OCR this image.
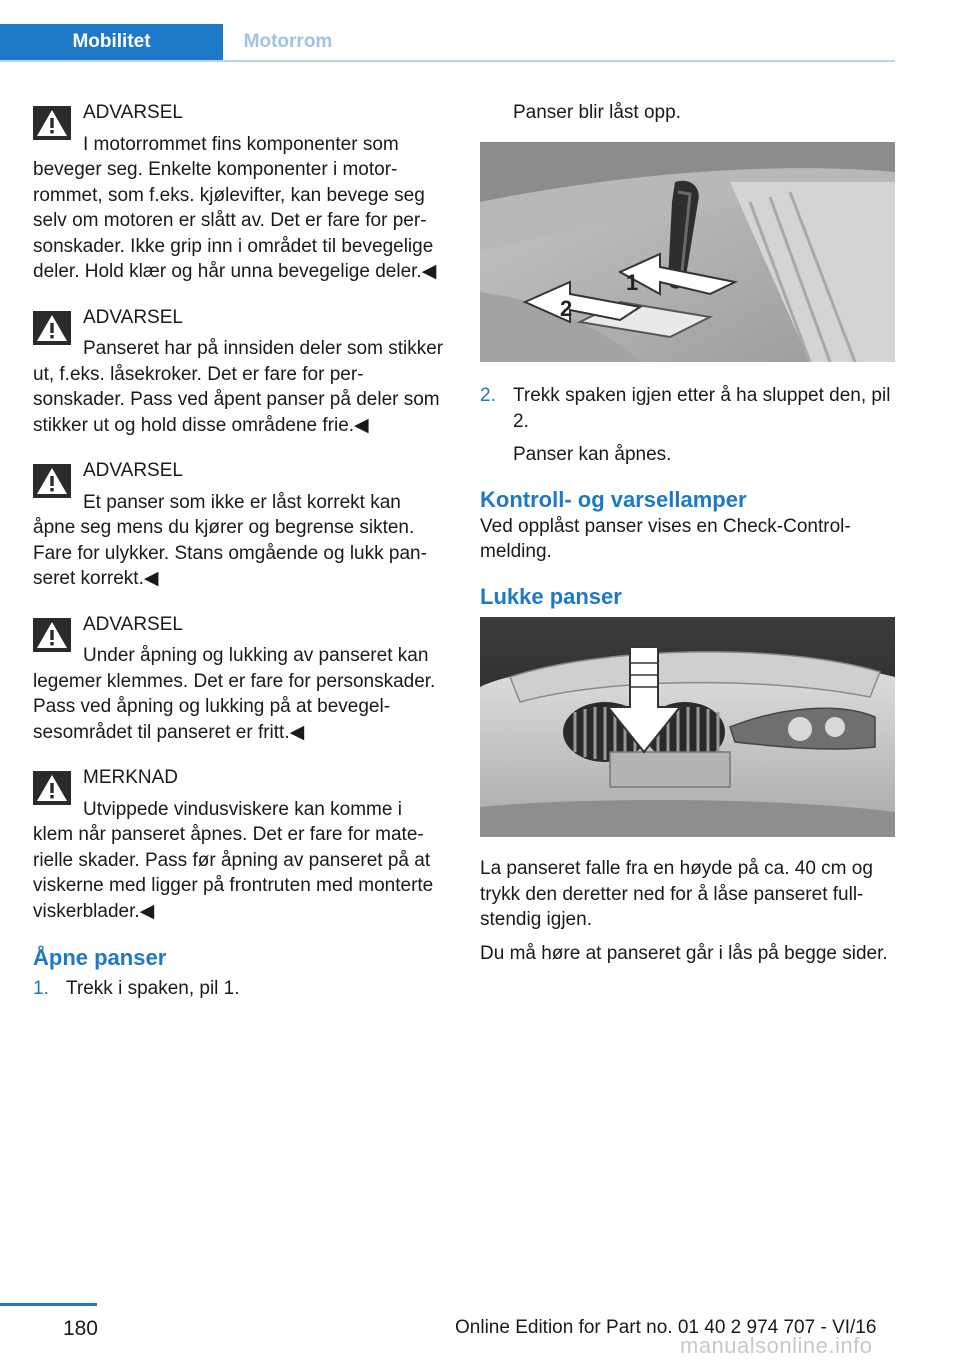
Mobilitet	Motorrom

ADVARSEL

I motorrommet fins komponenter som beveger seg. Enkelte komponenter i motorrommet, som f.eks. kjølevifter, kan bevege seg selv om motoren er slått av. Det er fare for personskader. Ikke grip inn i området til bevegelige deler. Hold klær og hår unna bevegelige deler.◀

ADVARSEL

Panseret har på innsiden deler som stikker ut, f.eks. låsekroker. Det er fare for personskader. Pass ved åpent panser på deler som stikker ut og hold disse områdene frie.◀

ADVARSEL

Et panser som ikke er låst korrekt kan åpne seg mens du kjører og begrense sikten. Fare for ulykker. Stans omgående og lukk panseret korrekt.◀

ADVARSEL

Under åpning og lukking av panseret kan legemer klemmes. Det er fare for personskader. Pass ved åpning og lukking på at bevegelsesområdet til panseret er fritt.◀

MERKNAD

Utvippede vindusviskere kan komme i klem når panseret åpnes. Det er fare for materielle skader. Pass før åpning av panseret på at viskerne med ligger på frontruten med monterte viskerblader.◀

Åpne panser
1. Trekk i spaken, pil 1.

Panser blir låst opp.

1
2
2. Trekk spaken igjen etter å ha sluppet den, pil 2.

Panser kan åpnes.

Kontroll- og varsellamper

Ved opplåst panser vises en Check-Control-melding.

Lukke panser

La panseret falle fra en høyde på ca. 40 cm og trykk den deretter ned for å låse panseret fullstendig igjen.

Du må høre at panseret går i lås på begge sider.

180	Online Edition for Part no. 01 40 2 974 707 - VI/16
manualsonline.info
